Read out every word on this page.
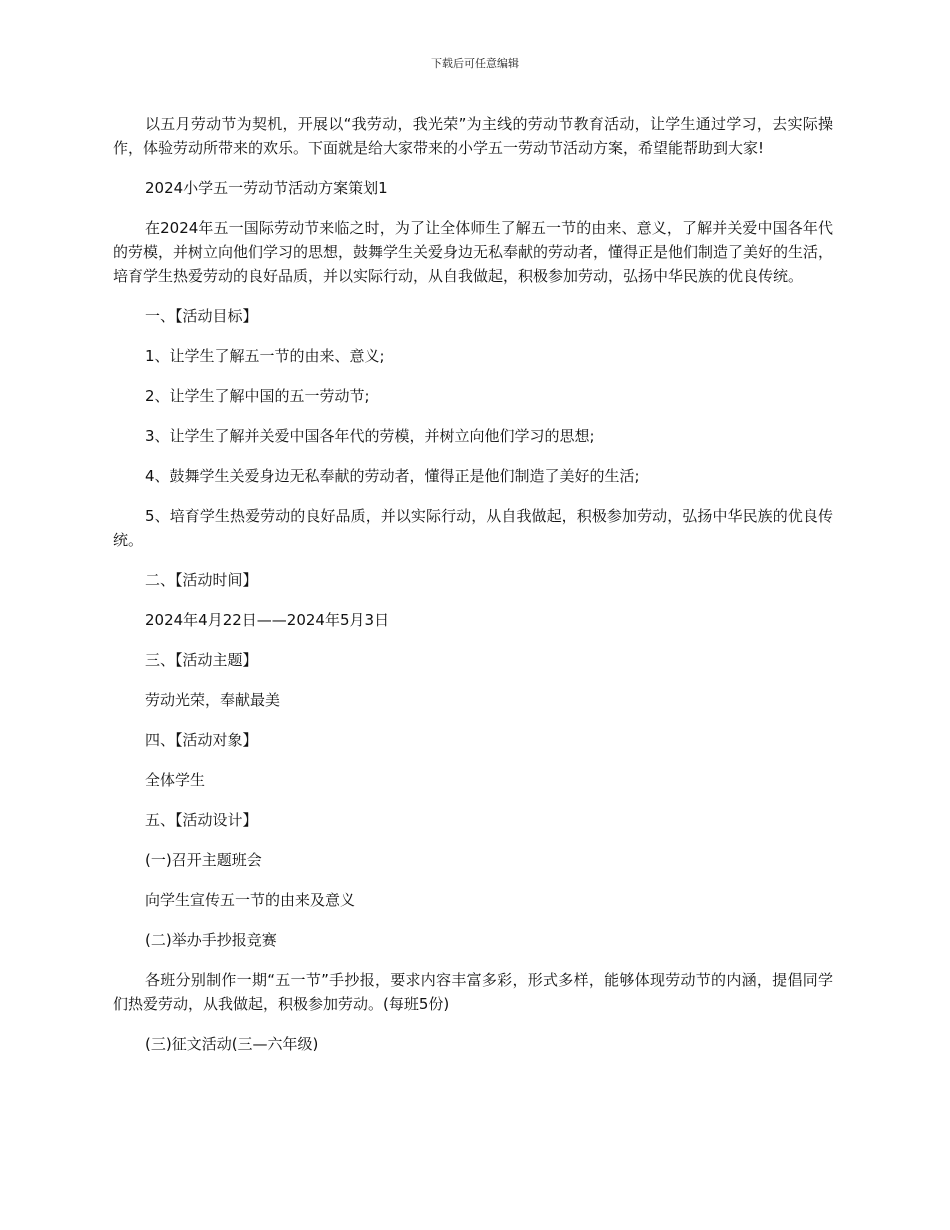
下载后可任意编辑

以五月劳动节为契机，开展以“我劳动，我光荣”为主线的劳动节教育活动，让学生通过学习，去实际操作，体验劳动所带来的欢乐。下面就是给大家带来的小学五一劳动节活动方案，希望能帮助到大家!

2024小学五一劳动节活动方案策划1

在2024年五一国际劳动节来临之时，为了让全体师生了解五一节的由来、意义，了解并关爱中国各年代的劳模，并树立向他们学习的思想，鼓舞学生关爱身边无私奉献的劳动者，懂得正是他们制造了美好的生活，培育学生热爱劳动的良好品质，并以实际行动，从自我做起，积极参加劳动，弘扬中华民族的优良传统。

一、【活动目标】

1、让学生了解五一节的由来、意义;

2、让学生了解中国的五一劳动节;

3、让学生了解并关爱中国各年代的劳模，并树立向他们学习的思想;

4、鼓舞学生关爱身边无私奉献的劳动者，懂得正是他们制造了美好的生活;

5、培育学生热爱劳动的良好品质，并以实际行动，从自我做起，积极参加劳动，弘扬中华民族的优良传统。

二、【活动时间】

2024年4月22日——2024年5月3日

三、【活动主题】

劳动光荣，奉献最美

四、【活动对象】

全体学生

五、【活动设计】

(一)召开主题班会

向学生宣传五一节的由来及意义

(二)举办手抄报竞赛

各班分别制作一期“五一节”手抄报，要求内容丰富多彩，形式多样，能够体现劳动节的内涵，提倡同学们热爱劳动，从我做起，积极参加劳动。(每班5份)

(三)征文活动(三—六年级)
